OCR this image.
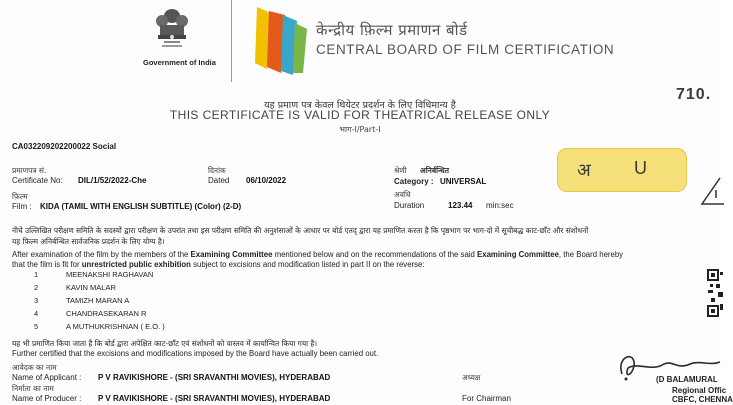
Government of India
केन्द्रीय फ़िल्म प्रमाणन बोर्ड
CENTRAL BOARD OF FILM CERTIFICATION
710.
यह प्रमाण पत्र केवल थियेटर प्रदर्शन के लिए विधिमान्य है
THIS CERTIFICATE IS VALID FOR THEATRICAL RELEASE ONLY
भाग-I/Part-I
CA032209202200022 Social
प्रमाणपत्र सं.
Certificate No: DIL/1/52/2022-Che
दिनांक
Dated 06/10/2022
श्रेणी अनिर्बन्धित
Category : UNIVERSAL
अवधि
Duration	123.44 min:sec
फ़िल्म
Film : KIDA (TAMIL WITH ENGLISH SUBTITLE) (Color) (2-D)
अ U
नीचे उल्लिखित परीक्षण समिति के सदस्यों द्वारा परीक्षण के उपरांत तथा इस परीक्षण समिति की अनुशंसाओं के आधार पर बोर्ड एतद् द्वारा यह प्रमाणित करता है कि पृष्ठभाग पर भाग-दो में सूचीबद्ध काट-छाँट और संशोधनों
यह फ़िल्म अनिर्बन्धित सार्वजनिक प्रदर्शन के लिए योग्य है।
After examination of the film by the members of the Examining Committee mentioned below and on the recommendations of the said Examining Committee, the Board hereby
that the film is fit for unrestricted public exhibition subject to excisions and modification listed in part II on the reverse:
1	MEENAKSHI RAGHAVAN
2	KAVIN MALAR
3	TAMIZH MARAN A
4	CHANDRASEKARAN R
5	A MUTHUKRISHNAN ( E.O. )
यह भी प्रमाणित किया जाता है कि बोर्ड द्वारा अपेक्षित काट-छाँट एवं संशोधनों को वास्तव में कार्यान्वित किया गया है।
Further certified that the excisions and modifications imposed by the Board have actually been carried out.
आवेदक का नाम
Name of Applicant : P V RAVIKISHORE - (SRI SRAVANTHI MOVIES), HYDERABAD
निर्माता का नाम
Name of Producer : P V RAVIKISHORE - (SRI SRAVANTHI MOVIES), HYDERABAD
अध्यक्ष
For Chairman
(D BALAMURAL
Regional Offic
CBFC, CHENNA
